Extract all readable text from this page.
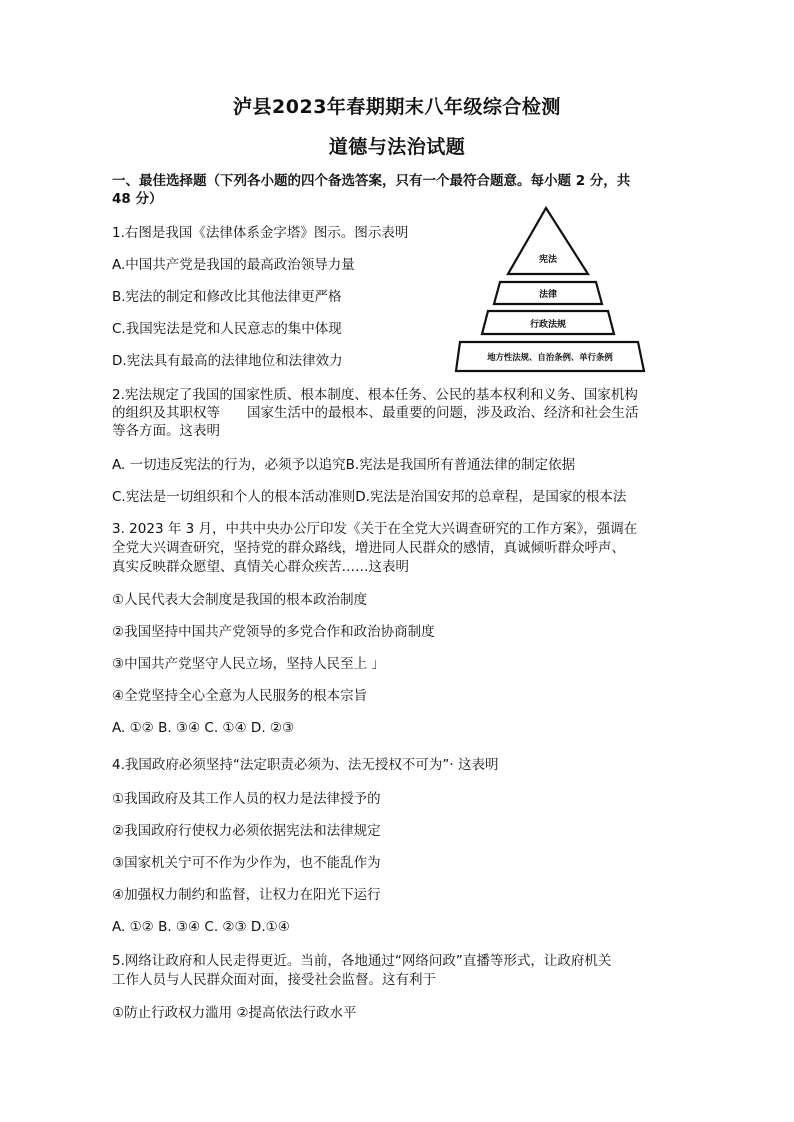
泸县2023年春期期末八年级综合检测
道德与法治试题
一、最佳选择题（下列各小题的四个备选答案，只有一个最符合题意。每小题 2 分，共
48 分）
1.右图是我国《法律体系金字塔》图示。图示表明
A.中国共产党是我国的最高政治领导力量
B.宪法的制定和修改比其他法律更严格
C.我国宪法是党和人民意志的集中体现
D.宪法具有最高的法律地位和法律效力
宪法
法律
行政法规
地方性法规、自治条例、单行条例
2.宪法规定了我国的国家性质、根本制度、根本任务、公民的基本权利和义务、国家机构
的组织及其职权等　　国家生活中的最根本、最重要的问题，涉及政治、经济和社会生活
等各方面。这表明
A. 一切违反宪法的行为，必须予以追究B.宪法是我国所有普通法律的制定依据
C.宪法是一切组织和个人的根本活动准则D.宪法是治国安邦的总章程，是国家的根本法
3. 2023 年 3 月，中共中央办公厅印发《关于在全党大兴调查研究的工作方案》，强调在
全党大兴调查研究，坚持党的群众路线，增进同人民群众的感情，真诚倾听群众呼声、
真实反映群众愿望、真情关心群众疾苦……这表明
①人民代表大会制度是我国的根本政治制度
②我国坚持中国共产党领导的多党合作和政治协商制度
③中国共产党坚守人民立场，坚持人民至上 」
④全党坚持全心全意为人民服务的根本宗旨
A. ①② B. ③④ C. ①④ D. ②③
4.我国政府必须坚持“法定职责必须为、法无授权不可为”· 这表明
①我国政府及其工作人员的权力是法律授予的
②我国政府行使权力必须依据宪法和法律规定
③国家机关宁可不作为少作为，也不能乱作为
④加强权力制约和监督，让权力在阳光下运行
A. ①② B. ③④ C. ②③ D.①④
5.网络让政府和人民走得更近。当前，各地通过“网络问政”直播等形式，让政府机关
工作人员与人民群众面对面，接受社会监督。这有利于
①防止行政权力滥用 ②提高依法行政水平
